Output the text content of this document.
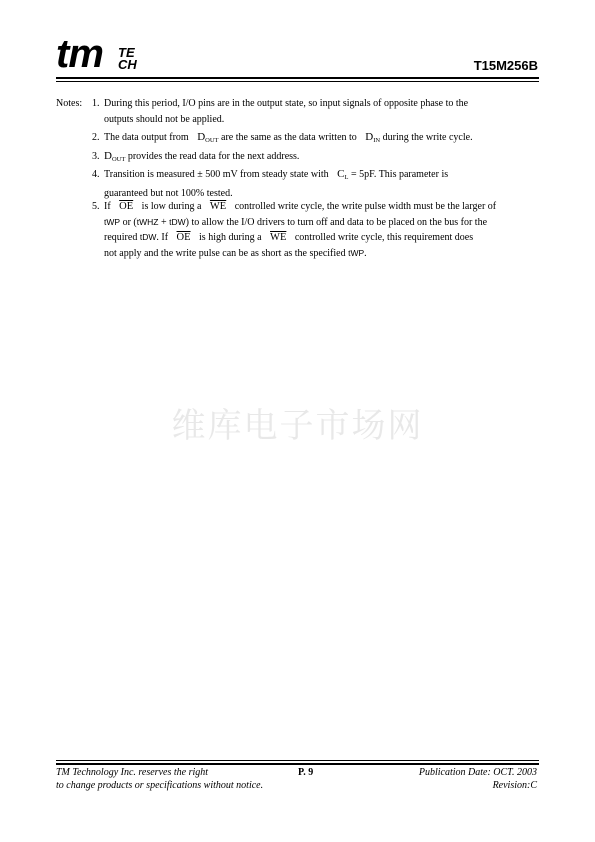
tm TE
CH	T15M256B
Notes: 1. During this period, I/O pins are in the output state, so input signals of opposite phase to the
outputs should not be applied.
2. The data output from $D_{OUT}$ are the same as the data written to $D_{IN}$ during the write cycle.
3. $D_{OUT}$ provides the read data for the next address.
4. Transition is measured ± 500 mV from steady state with $C_L = 5pF$. This parameter is
guaranteed but not 100% tested.
5. If $\overline{OE}$ is low during a $\overline{WE}$ controlled write cycle, the write pulse width must be the larger of
tWP or (tWHZ + tDW) to allow the I/O drivers to turn off and data to be placed on the bus for the
required tDW. If $\overline{OE}$ is high during a $\overline{WE}$ controlled write cycle, this requirement does
not apply and the write pulse can be as short as the specified tWP.
维库电子市场网
TM Technology Inc. reserves the right
to change products or specifications without notice.
P. 9	Publication Date: OCT. 2003
Revision:C
